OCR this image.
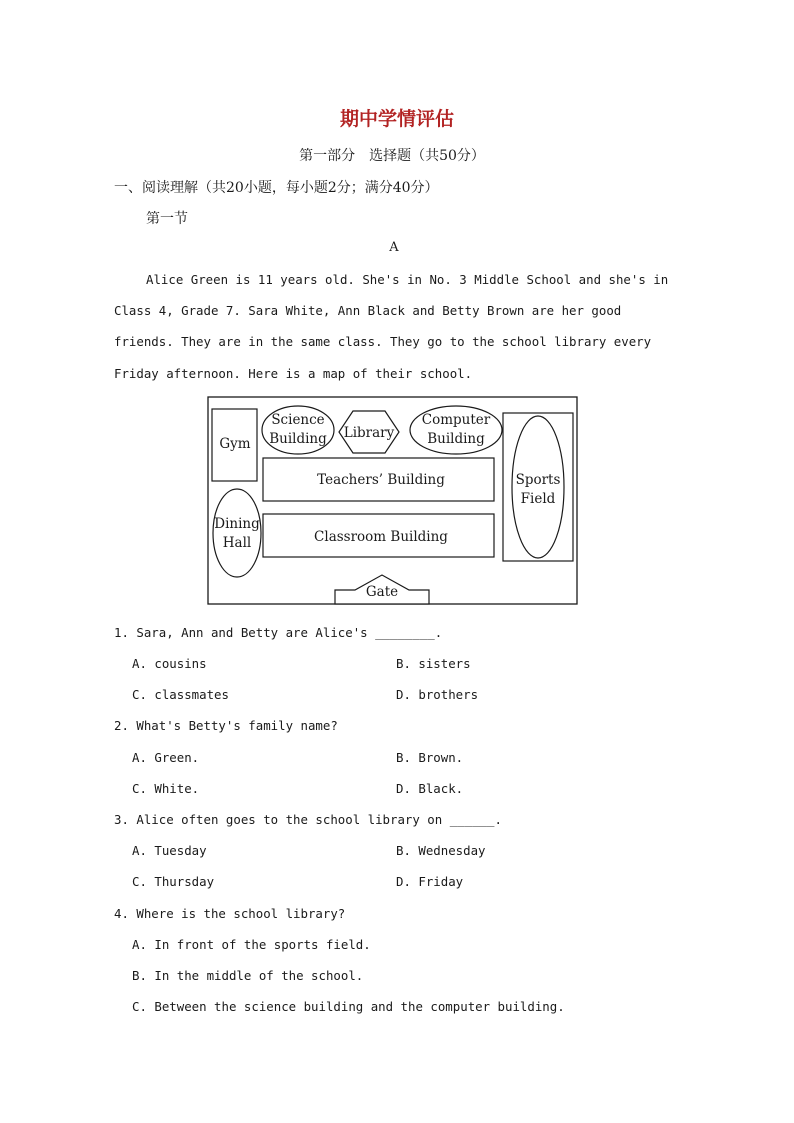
期中学情评估
第一部分　选择题（共50分）
一、阅读理解（共20小题，每小题2分；满分40分）
第一节
A

Alice Green is 11 years old. She's in No. 3 Middle School and she's in Class 4, Grade 7. Sara White, Ann Black and Betty Brown are her good friends. They are in the same class. They go to the school library every Friday afternoon. Here is a map of their school.

Gym
Science
Building Library
Computer
Building
Sports
Field
Teachers’ Building
Dining
Hall	Classroom Building
Gate
1. Sara, Ann and Betty are Alice's ________.
A. cousins	B. sisters
C. classmates	D. brothers
2. What's Betty's family name?
A. Green.	B. Brown.
C. White.	D. Black.
3. Alice often goes to the school library on ______.
A. Tuesday	B. Wednesday
C. Thursday	D. Friday
4. Where is the school library?
A. In front of the sports field.
B. In the middle of the school.
C. Between the science building and the computer building.
